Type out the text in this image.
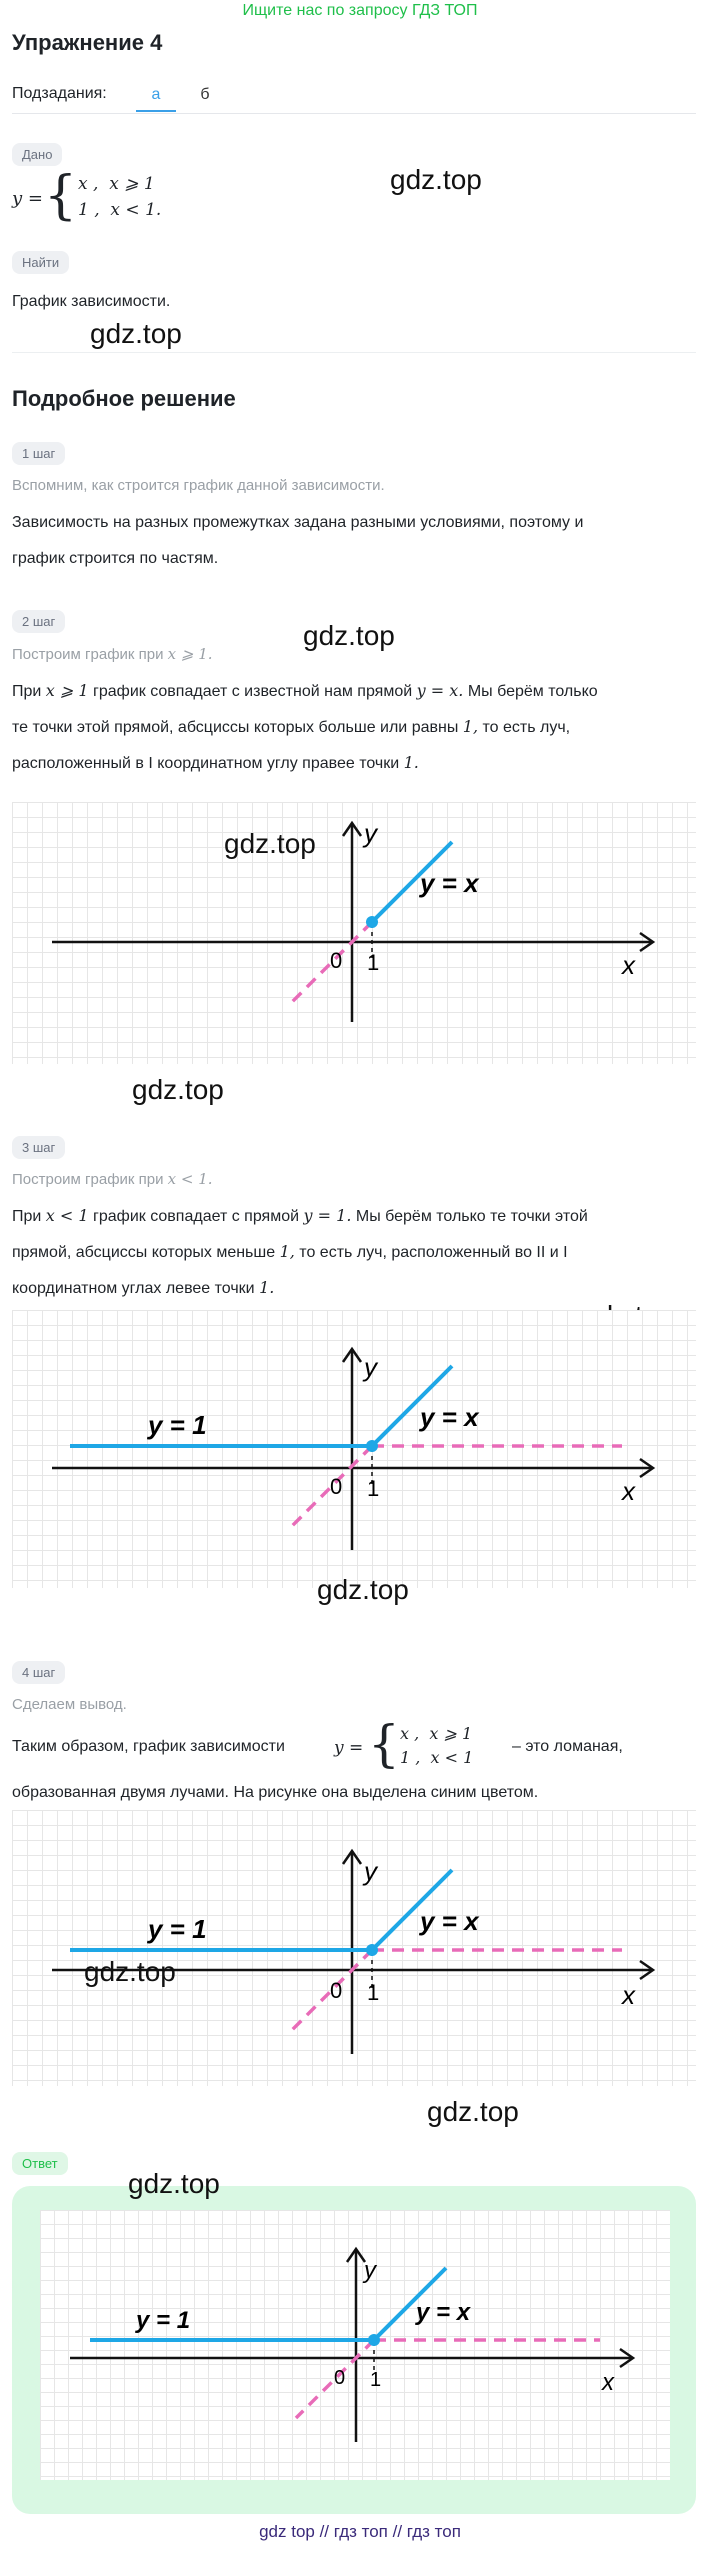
Ищите нас по запросу ГДЗ ТОП
Упражнение 4
Подзадания:	а	б
Дано
y = { x ,  x ⩾ 1
1 ,  x < 1.
gdz.top
Найти
График зависимости.
gdz.top
Подробное решение
1 шаг
Вспомним, как строится график данной зависимости.
Зависимость на разных промежутках задана разными условиями, поэтому и
график строится по частям.
2 шаг
Построим график при x ⩾ 1.
gdz.top
При x ⩾ 1 график совпадает с известной нам прямой y = x. Мы берём только
те точки этой прямой, абсциссы которых больше или равны 1, то есть луч,
расположенный в I координатном углу правее точки 1.
y
x
0 1
y = x
gdz.top
gdz.top
3 шаг
Построим график при x < 1.
При x < 1 график совпадает с прямой y = 1. Мы берём только те точки этой
прямой, абсциссы которых меньше 1, то есть луч, расположенный во II и I
координатном углах левее точки 1.
y
x
0 1
y = x
y = 1
gdz.top
4 шаг
Сделаем вывод.
Таким образом, график зависимости	y = { x ,  x ⩾ 1
1 ,  x < 1
– это ломаная,
образованная двумя лучами. На рисунке она выделена синим цветом.
y
x
0 1
y = x
y = 1
gdz.top
gdz.top
Ответ
gdz.top
y
x
0 1
y = x
y = 1
gdz top // гдз топ // гдз топ
